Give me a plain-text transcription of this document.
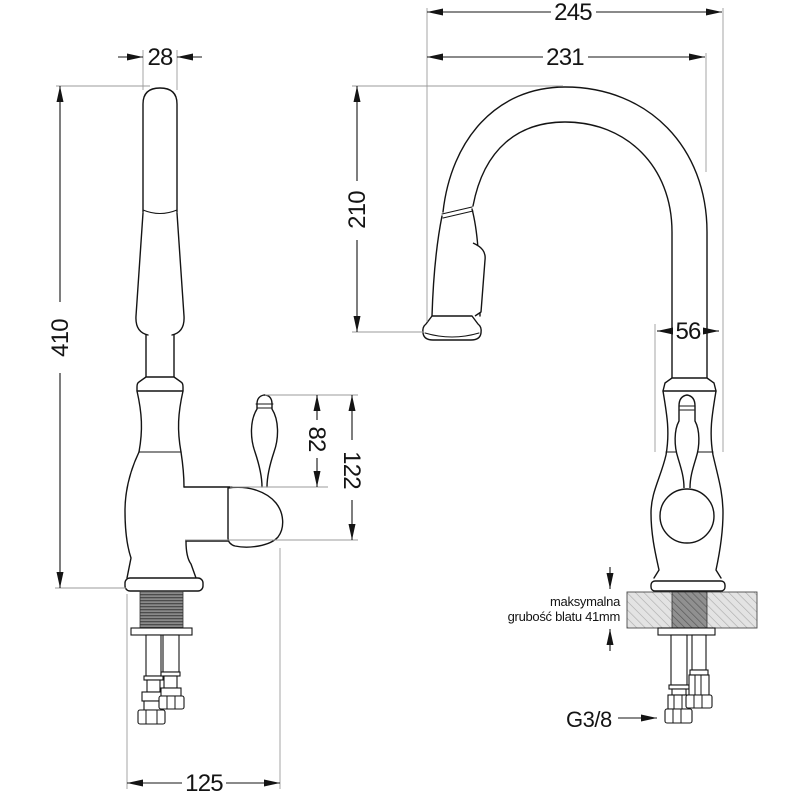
28
410
82
122
125
245
231
210
56
maksymalna
grubość blatu 41mm
G3/8
